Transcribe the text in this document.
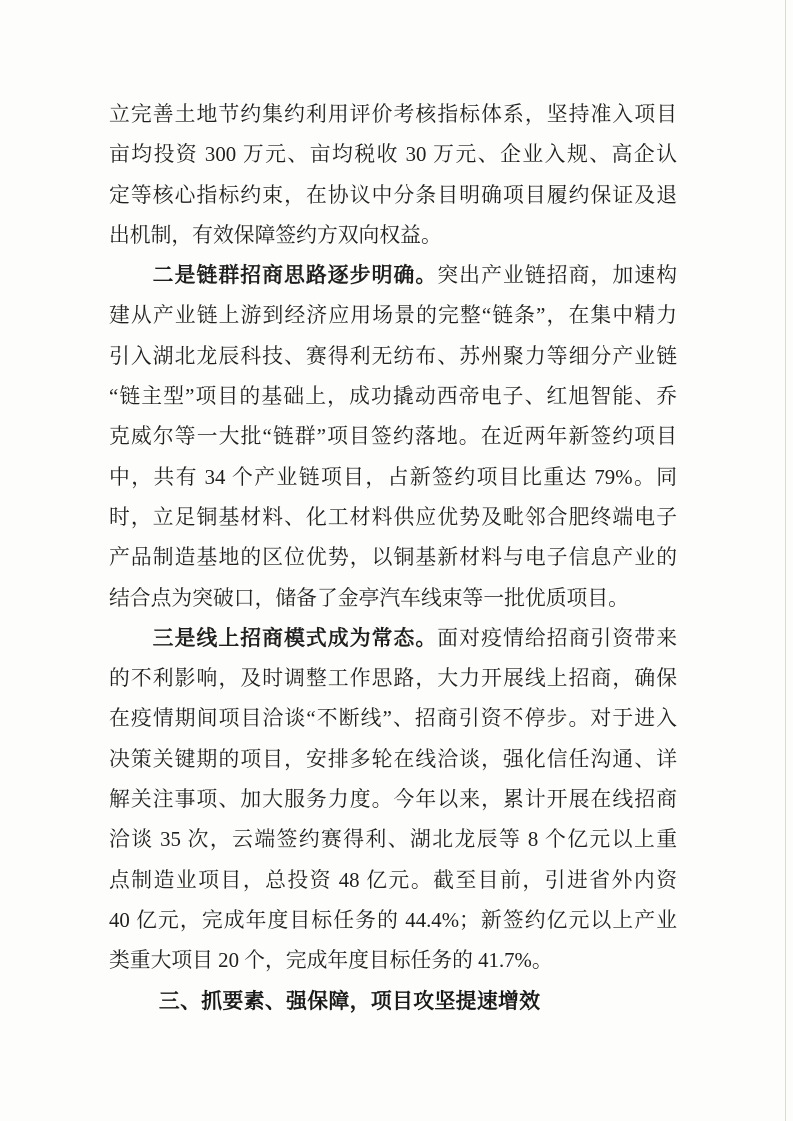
立完善土地节约集约利用评价考核指标体系，坚持准入项目
亩均投资 300 万元、亩均税收 30 万元、企业入规、高企认
定等核心指标约束，在协议中分条目明确项目履约保证及退
出机制，有效保障签约方双向权益。
二是链群招商思路逐步明确。突出产业链招商，加速构
建从产业链上游到经济应用场景的完整“链条”，在集中精力
引入湖北龙辰科技、赛得利无纺布、苏州聚力等细分产业链
“链主型”项目的基础上，成功撬动西帝电子、红旭智能、乔
克威尔等一大批“链群”项目签约落地。在近两年新签约项目
中，共有 34 个产业链项目，占新签约项目比重达 79%。同
时，立足铜基材料、化工材料供应优势及毗邻合肥终端电子
产品制造基地的区位优势，以铜基新材料与电子信息产业的
结合点为突破口，储备了金亭汽车线束等一批优质项目。
三是线上招商模式成为常态。面对疫情给招商引资带来
的不利影响，及时调整工作思路，大力开展线上招商，确保
在疫情期间项目洽谈“不断线”、招商引资不停步。对于进入
决策关键期的项目，安排多轮在线洽谈，强化信任沟通、详
解关注事项、加大服务力度。今年以来，累计开展在线招商
洽谈 35 次，云端签约赛得利、湖北龙辰等 8 个亿元以上重
点制造业项目，总投资 48 亿元。截至目前，引进省外内资
40 亿元，完成年度目标任务的 44.4%；新签约亿元以上产业
类重大项目 20 个，完成年度目标任务的 41.7%。
三、抓要素、强保障，项目攻坚提速增效
